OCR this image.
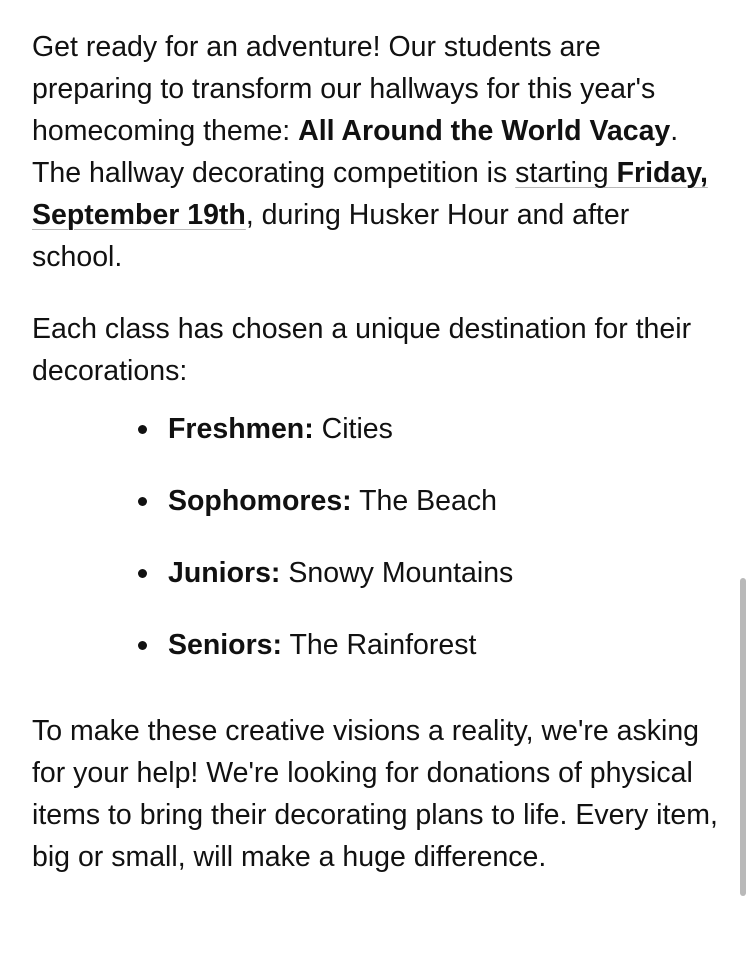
Get ready for an adventure! Our students are preparing to transform our hallways for this year's homecoming theme: All Around the World Vacay. The hallway decorating competition is starting Friday, September 19th, during Husker Hour and after school.

Each class has chosen a unique destination for their decorations:

Freshmen: Cities
Sophomores: The Beach
Juniors: Snowy Mountains
Seniors: The Rainforest

To make these creative visions a reality, we're asking for your help! We're looking for donations of physical items to bring their decorating plans to life. Every item, big or small, will make a huge difference.
